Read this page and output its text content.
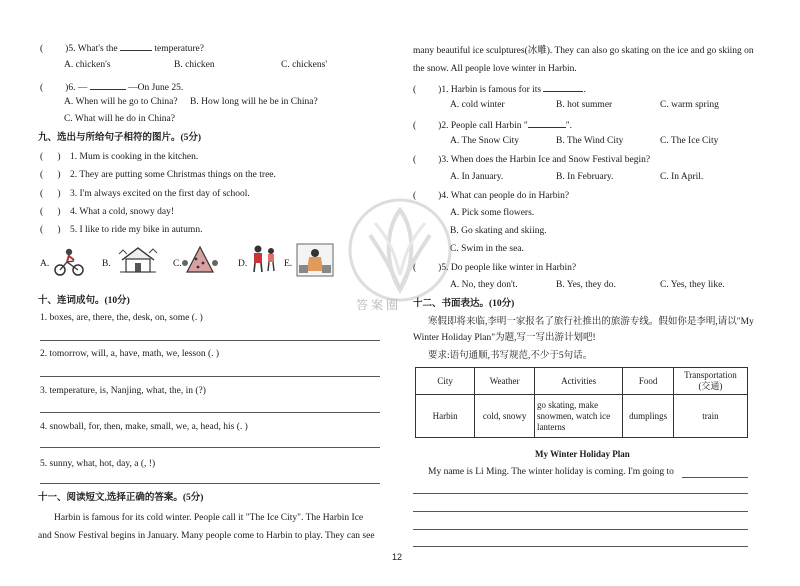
( )5. What's the	temperature?
A. chicken's	B. chicken	C. chickens'
( )6. —	—On June 25.
A. When will he go to China? B. How long will he be in China?
C. What will he do in China?
九、选出与所给句子相符的图片。(5分)
(      ) 1. Mum is cooking in the kitchen.
(      ) 2. They are putting some Christmas things on the tree.
(      ) 3. I'm always excited on the first day of school.
(      ) 4. What a cold, snowy day!
(      ) 5. I like to ride my bike in autumn.
A.	B.	C.	D.	E.
十、连词成句。(10分)
1. boxes, are, there, the, desk, on, some (. )
2. tomorrow, will, a, have, math, we, lesson (. )
3. temperature, is, Nanjing, what, the, in (?)
4. snowball, for, then, make, small, we, a, head, his (. )
5. sunny, what, hot, day, a (, !)
十一、阅读短文,选择正确的答案。(5分)
Harbin is famous for its cold winter. People call it "The Ice City". The Harbin Ice
and Snow Festival begins in January. Many people come to Harbin to play. They can see
many beautiful ice sculptures(冰雕). They can also go skating on the ice and go skiing on
the snow. All people love winter in Harbin.
( )1. Harbin is famous for its	.
A. cold winter	B. hot summer	C. warm spring
( )2. People call Harbin "	".
A. The Snow City	B. The Wind City	C. The Ice City
( )3. When does the Harbin Ice and Snow Festival begin?
A. In January.	B. In February.	C. In April.
( )4. What can people do in Harbin?
A. Pick some flowers.
B. Go skating and skiing.
C. Swim in the sea.
( )5. Do people like winter in Harbin?
A. No, they don't.	B. Yes, they do.	C. Yes, they like.
十二、书面表达。(10分)
寒假即将来临,李明一家报名了旅行社推出的旅游专线。假如你是李明,请以"My
Winter Holiday Plan"为题,写一写出游计划吧!
要求:语句通顺,书写规范,不少于5句话。
City	Weather	Activities	Food	Transportation
(交通)

Harbin	cold, snowy	go skating, make
snowmen, watch ice
lanterns	dumplings	train
My Winter Holiday Plan
My name is Li Ming. The winter holiday is coming. I'm going to
12
答案圈
